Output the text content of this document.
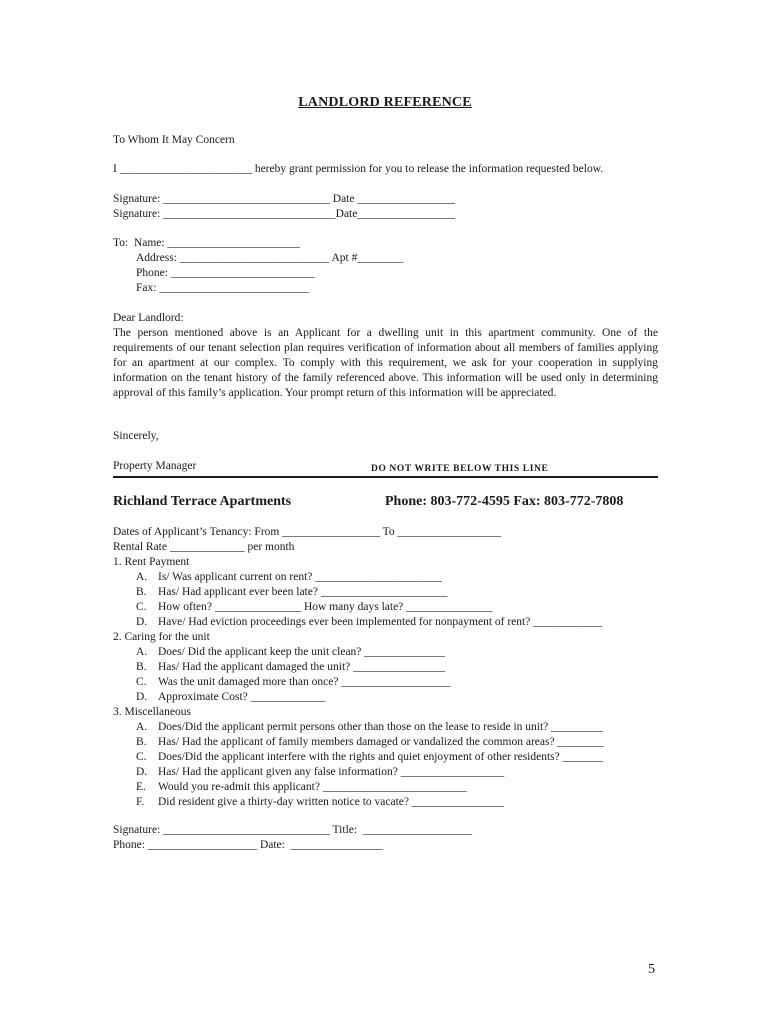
LANDLORD REFERENCE
To Whom It May Concern
I _______________________ hereby grant permission for you to release the information requested below.
Signature: _____________________________ Date _________________
Signature: ______________________________Date_________________
To:  Name: _______________________
Address: __________________________ Apt #________
Phone: _________________________
Fax: __________________________
Dear Landlord:

The person mentioned above is an Applicant for a dwelling unit in this apartment community. One of the requirements of our tenant selection plan requires verification of information about all members of families applying for an apartment at our complex. To comply with this requirement, we ask for your cooperation in supplying information on the tenant history of the family referenced above. This information will be used only in determining approval of this family’s application. Your prompt return of this information will be appreciated.

Sincerely,
Property Manager	DO NOT WRITE BELOW THIS LINE
Richland Terrace Apartments	Phone: 803-772-4595 Fax: 803-772-7808
Dates of Applicant’s Tenancy: From _________________ To __________________
Rental Rate _____________ per month
1. Rent Payment
A. Is/ Was applicant current on rent? ______________________
B. Has/ Had applicant ever been late? ______________________
C. How often? _______________ How many days late? _______________
D. Have/ Had eviction proceedings ever been implemented for nonpayment of rent? ____________
2. Caring for the unit
A. Does/ Did the applicant keep the unit clean? ______________
B. Has/ Had the applicant damaged the unit? ________________
C. Was the unit damaged more than once? ___________________
D. Approximate Cost? _____________
3. Miscellaneous
A. Does/Did the applicant permit persons other than those on the lease to reside in unit? _________
B. Has/ Had the applicant of family members damaged or vandalized the common areas? ________
C. Does/Did the applicant interfere with the rights and quiet enjoyment of other residents? _______
D. Has/ Had the applicant given any false information? __________________
E.	Would you re-admit this applicant? _________________________
F.	Did resident give a thirty-day written notice to vacate? ________________
Signature: _____________________________ Title:  ___________________
Phone: ___________________ Date:  ________________
5
